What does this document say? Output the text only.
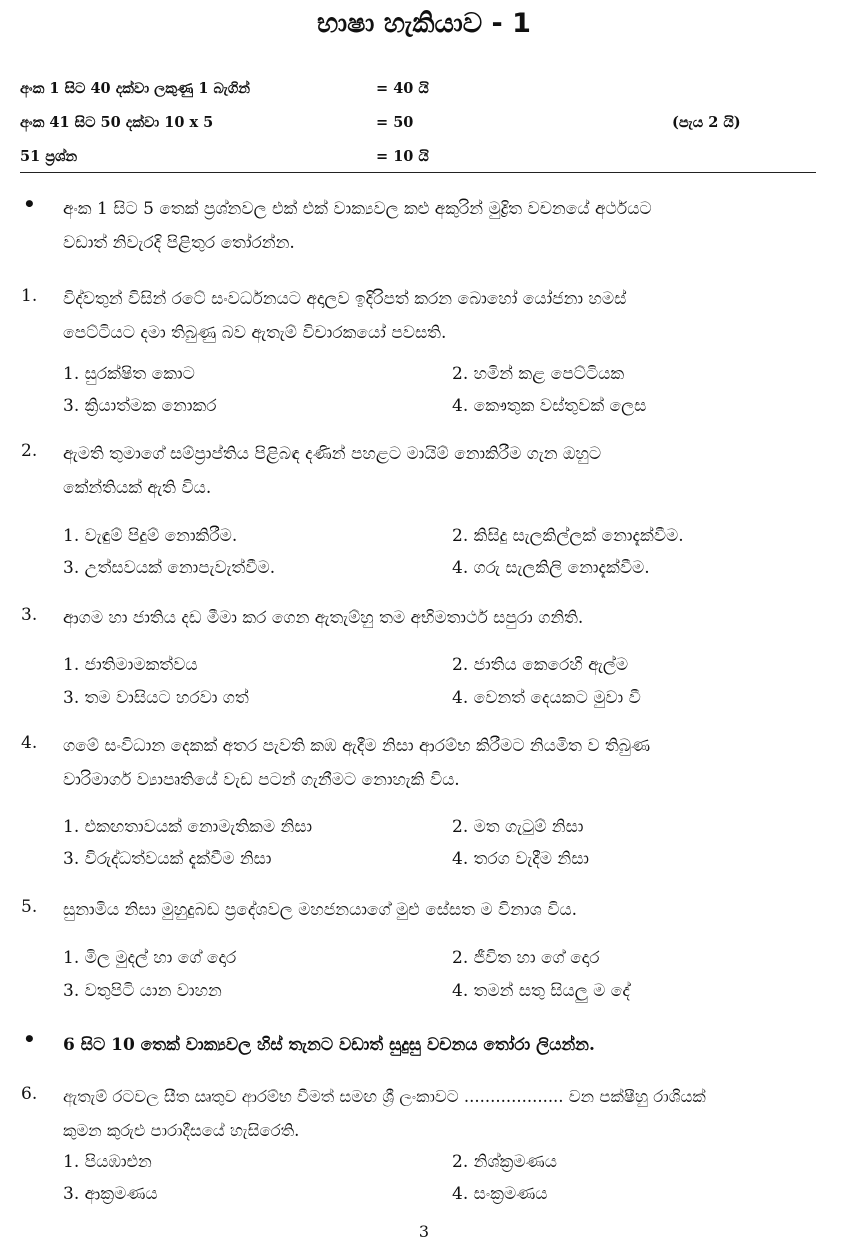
භාෂා හැකියාව - 1
අංක 1 සිට 40 දක්වා ලකුණු 1 බැගින්	= 40 යි
අංක 41 සිට 50 දක්වා 10 x 5	= 50	(පැය 2 යි)
51 ප්‍රශ්න	= 10 යි
• අංක 1 සිට 5 තෙක් ප්‍රශ්නවල එක් එක් වාක්‍යවල කළු අකුරින් මුද්‍රිත වචනයේ අර්ථයට
වඩාත් නිවැරදි පිළිතුර තෝරන්න.
1. විද්වතුන් විසින් රටේ සංවර්ධනයට අදාලව ඉදිරිපත් කරන බොහෝ යෝජනා හමස්
පෙට්ටියට දමා තිබුණු බව ඇතැම් විචාරකයෝ පවසති.
1. සුරක්ෂිත කොට	2. හමින් කළ පෙට්ටියක
3. ක්‍රියාත්මක නොකර	4. කෞතුක වස්තුවක් ලෙස
2. ඇමති තුමාගේ සම්ප්‍රාප්තිය පිළිබඳ දණින් පහළට මායිම් නොකිරීම ගැන ඔහුට
කේන්තියක් ඇති විය.
1. වැඳුම් පිදුම් නොකිරීම.	2. කිසිදු සැලකිල්ලක් නොදැක්වීම.
3. උත්සවයක් නොපැවැත්වීම.	4. ගරු සැලකිලි නොදැක්වීම.
3. ආගම හා ජාතිය දඩ මීමා කර ගෙන ඇතැම්හු තම අභිමතාර්ථ සපුරා ගනිති.
1. ජාතිමාමකත්වය	2. ජාතිය කෙරෙහි ඇල්ම
3. තම වාසියට හරවා ගත්	4. වෙනත් දෙයකට මුවා වී
4. ගමේ සංවිධාන දෙකක් අතර පැවති කඹ ඇදීම නිසා ආරම්භ කිරීමට නියමිත ව තිබුණ
වාරිමාර්ග ව්‍යාපෘතියේ වැඩ පටන් ගැනීමට නොහැකි විය.
1. එකඟතාවයක් නොමැතිකම නිසා	2. මත ගැටුම් නිසා
3. විරුද්ධත්වයක් දැක්වීම නිසා	4. තරග වැදීම නිසා
5. සුනාමිය නිසා මුහුදුබඩ ප්‍රදේශවල මහජනයාගේ මුළු සේසත ම විනාශ විය.
1. මිල මුදල් හා ගේ දොර	2. ජීවිත හා ගේ දොර
3. වතුපිටි යාන වාහන	4. තමන් සතු සියලු ම දේ
• 6 සිට 10 තෙක් වාක්‍යවල හිස් තැනට වඩාත් සුදුසු වචනය තෝරා ලියන්න.
6. ඇතැම් රටවල සීත ඍතුව ආරම්භ වීමත් සමඟ ශ්‍රී ලංකාවට ................... වන පක්ෂීහු රාශියක්
කුමන කුරුළු පාරාදීසයේ හැසිරෙති.
1. පියඹාඑන	2. නිශ්ක්‍රමණය
3. ආක්‍රමණය	4. සංක්‍රමණය
3
